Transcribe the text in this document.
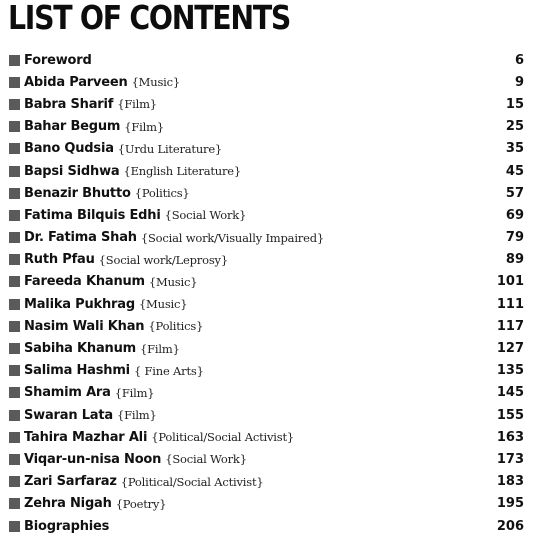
LIST OF CONTENTS
Foreword	6
Abida Parveen {Music}	9
Babra Sharif {Film}	15
Bahar Begum {Film}	25
Bano Qudsia {Urdu Literature}	35
Bapsi Sidhwa {English Literature}	45
Benazir Bhutto {Politics}	57
Fatima Bilquis Edhi {Social Work}	69
Dr. Fatima Shah {Social work/Visually Impaired}	79
Ruth Pfau {Social work/Leprosy}	89
Fareeda Khanum {Music}	101
Malika Pukhrag {Music}	111
Nasim Wali Khan {Politics}	117
Sabiha Khanum {Film}	127
Salima Hashmi { Fine Arts}	135
Shamim Ara {Film}	145
Swaran Lata {Film}	155
Tahira Mazhar Ali {Political/Social Activist}	163
Viqar-un-nisa Noon {Social Work}	173
Zari Sarfaraz {Political/Social Activist}	183
Zehra Nigah {Poetry}	195
Biographies	206
